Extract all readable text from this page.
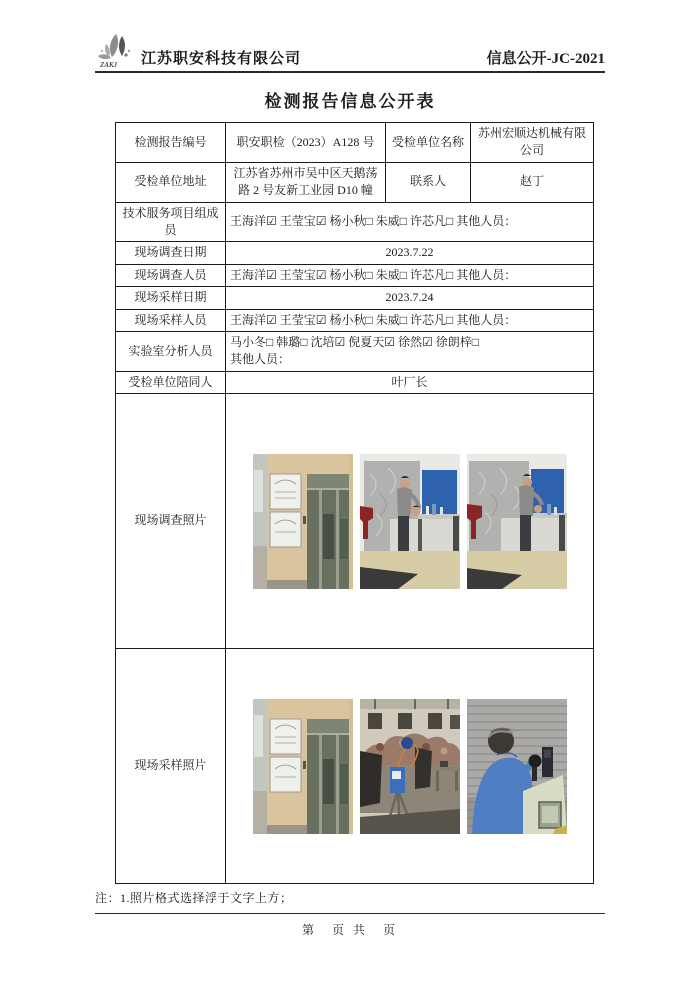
ZAKJ 江苏职安科技有限公司	信息公开-JC-2021
检测报告信息公开表
检测报告编号	职安职检（2023）A128 号	受检单位名称	苏州宏顺达机械有限公司
受检单位地址	江苏省苏州市吴中区天鹅荡路 2 号友新工业园 D10 幢	联系人	赵丁
技术服务项目组成员	王海洋☑ 王莹宝☑ 杨小秋□ 朱威□ 许芯凡□ 其他人员：		
现场调查日期	2023.7.22		
现场调查人员	王海洋☑ 王莹宝☑ 杨小秋□ 朱威□ 许芯凡□ 其他人员：		
现场采样日期	2023.7.24		
现场采样人员	王海洋☑ 王莹宝☑ 杨小秋□ 朱威□ 许芯凡□ 其他人员：		
实验室分析人员	马小冬□ 韩璐□ 沈培☑ 倪夏天☑ 徐然☑ 徐朗梓□
其他人员：		

受检单位陪同人	叶厂长		
现场调查照片	

现场采样照片	
注：1.照片格式选择浮于文字上方；
第　页 共　页
